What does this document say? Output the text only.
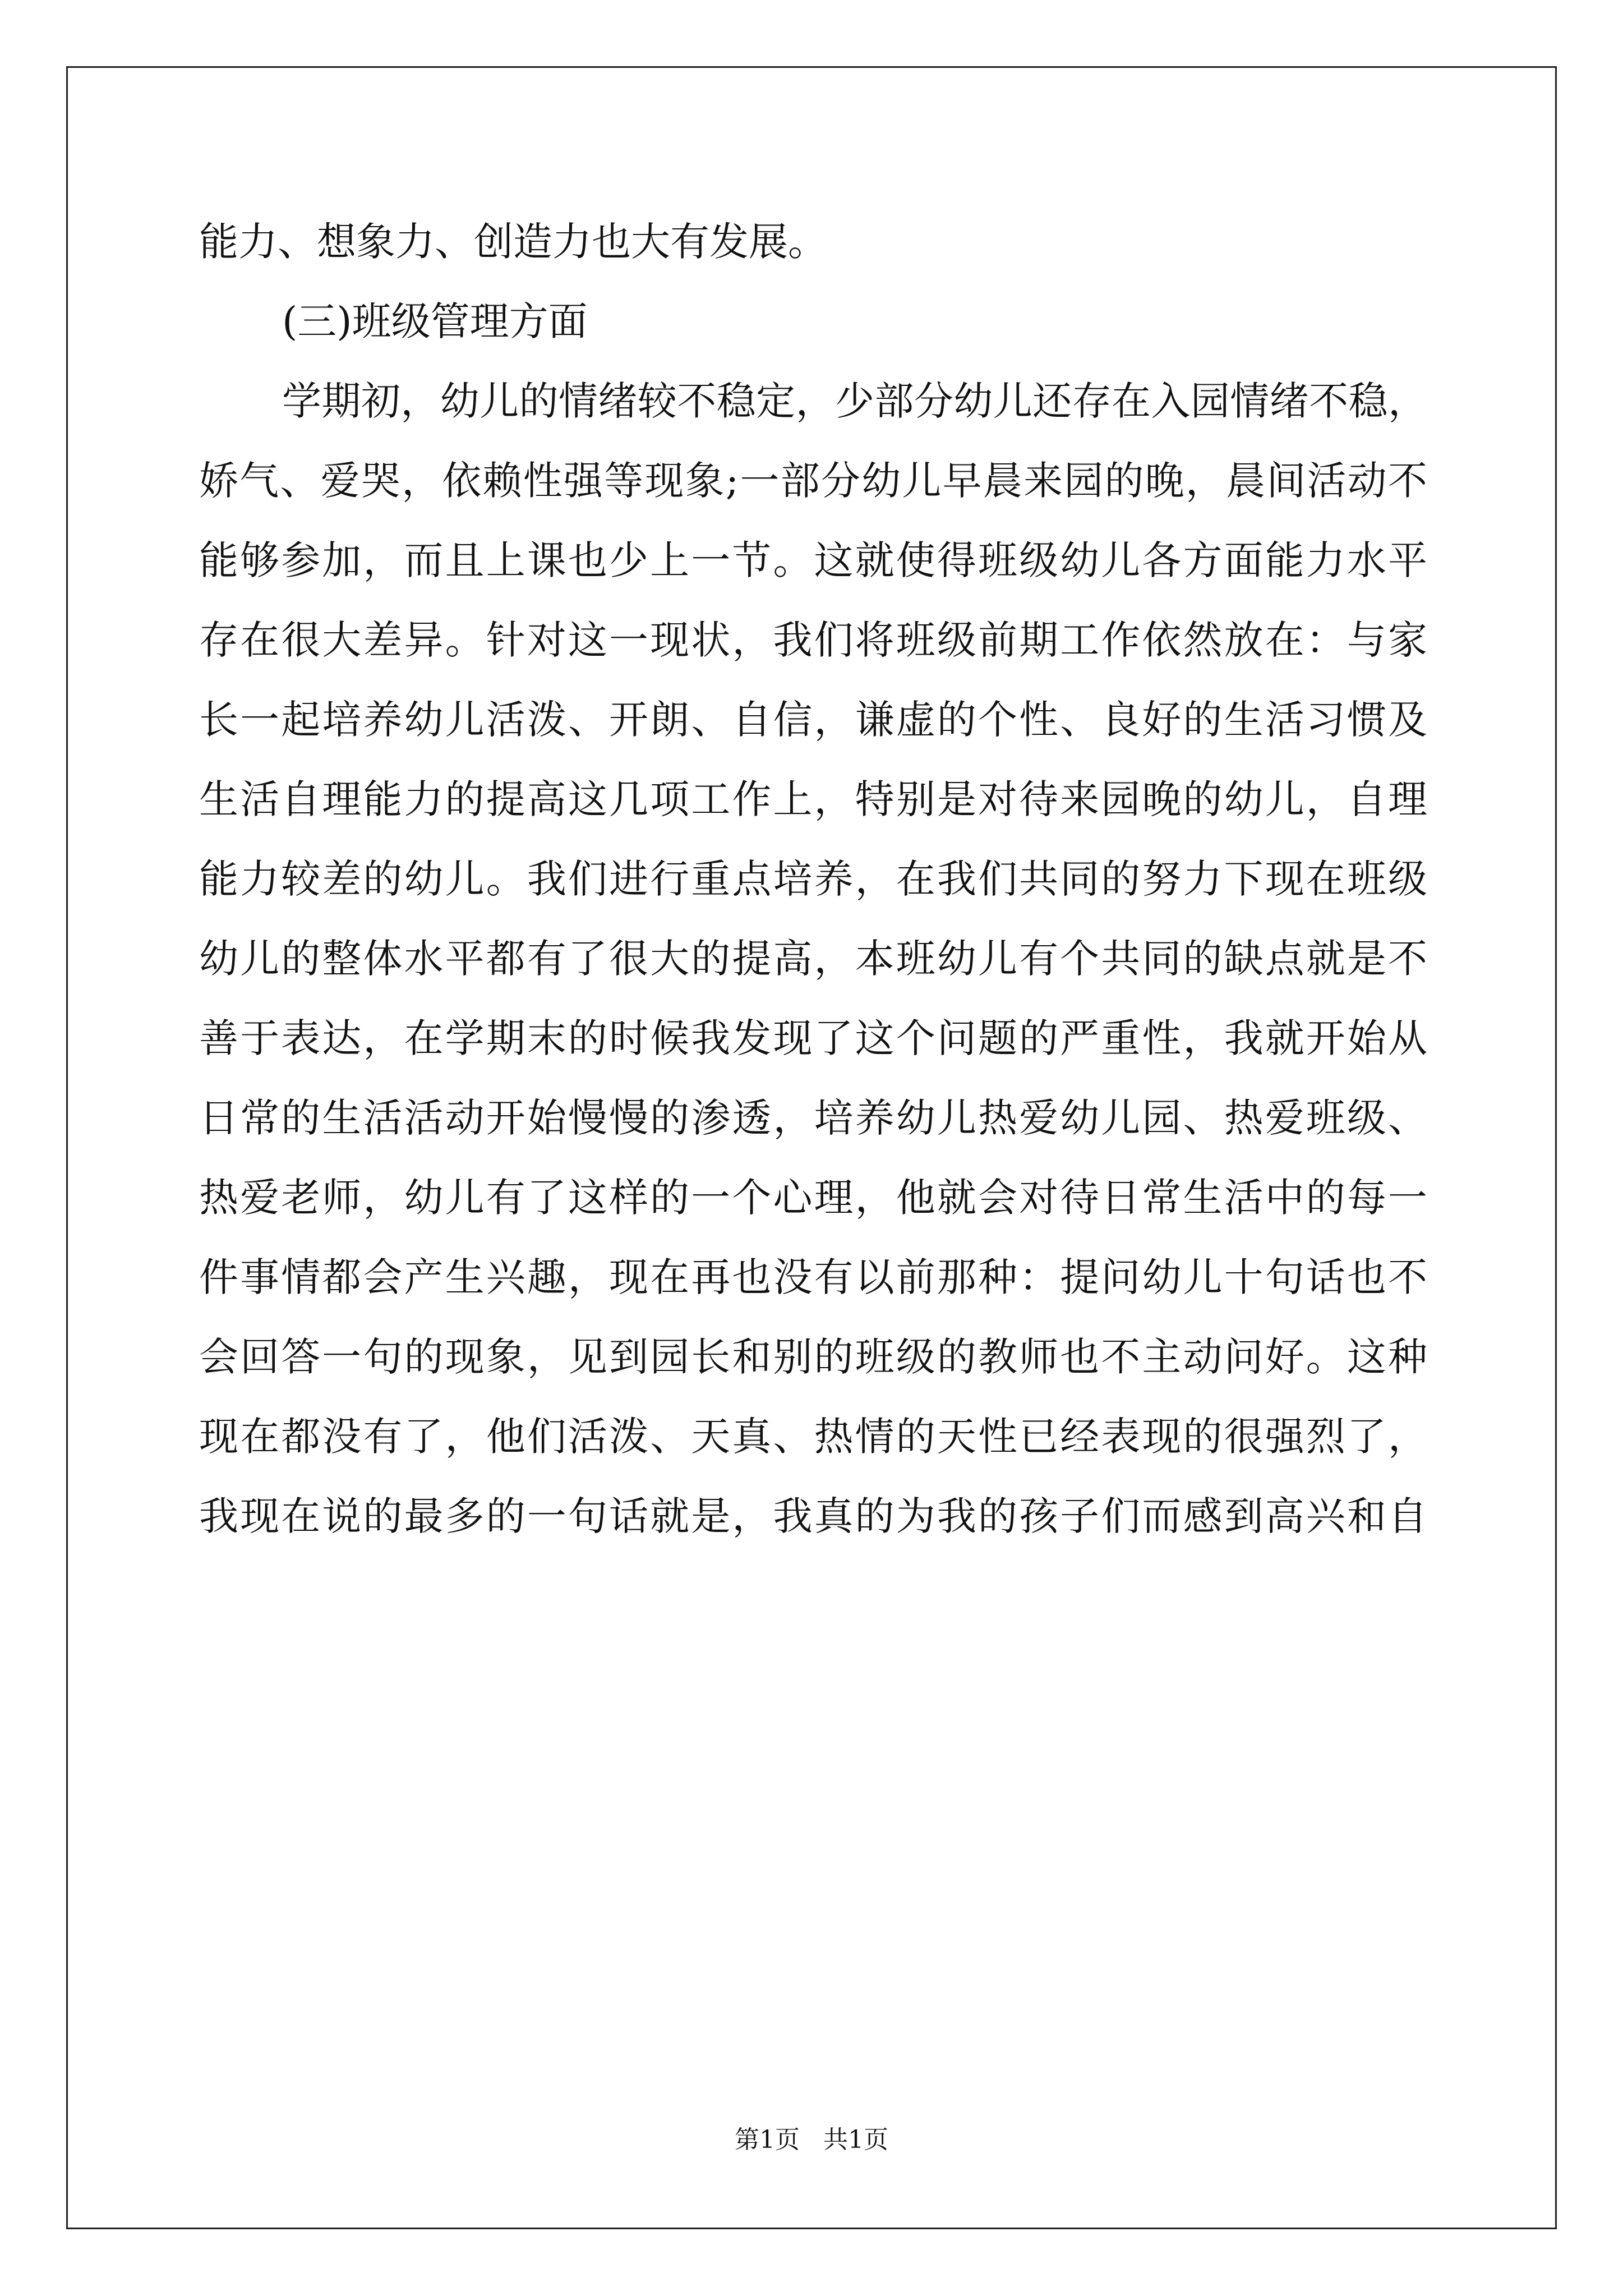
能力、想象力、创造力也大有发展。
(三)班级管理方面
学期初，幼儿的情绪较不稳定，少部分幼儿还存在入园情绪不稳，
娇气、爱哭，依赖性强等现象;一部分幼儿早晨来园的晚，晨间活动不
能够参加，而且上课也少上一节。这就使得班级幼儿各方面能力水平
存在很大差异。针对这一现状，我们将班级前期工作依然放在：与家
长一起培养幼儿活泼、开朗、自信，谦虚的个性、良好的生活习惯及
生活自理能力的提高这几项工作上，特别是对待来园晚的幼儿，自理
能力较差的幼儿。我们进行重点培养，在我们共同的努力下现在班级
幼儿的整体水平都有了很大的提高，本班幼儿有个共同的缺点就是不
善于表达，在学期末的时候我发现了这个问题的严重性，我就开始从
日常的生活活动开始慢慢的渗透，培养幼儿热爱幼儿园、热爱班级、
热爱老师，幼儿有了这样的一个心理，他就会对待日常生活中的每一
件事情都会产生兴趣，现在再也没有以前那种：提问幼儿十句话也不
会回答一句的现象，见到园长和别的班级的教师也不主动问好。这种
现在都没有了，他们活泼、天真、热情的天性已经表现的很强烈了，
我现在说的最多的一句话就是，我真的为我的孩子们而感到高兴和自
第1页   共1页
